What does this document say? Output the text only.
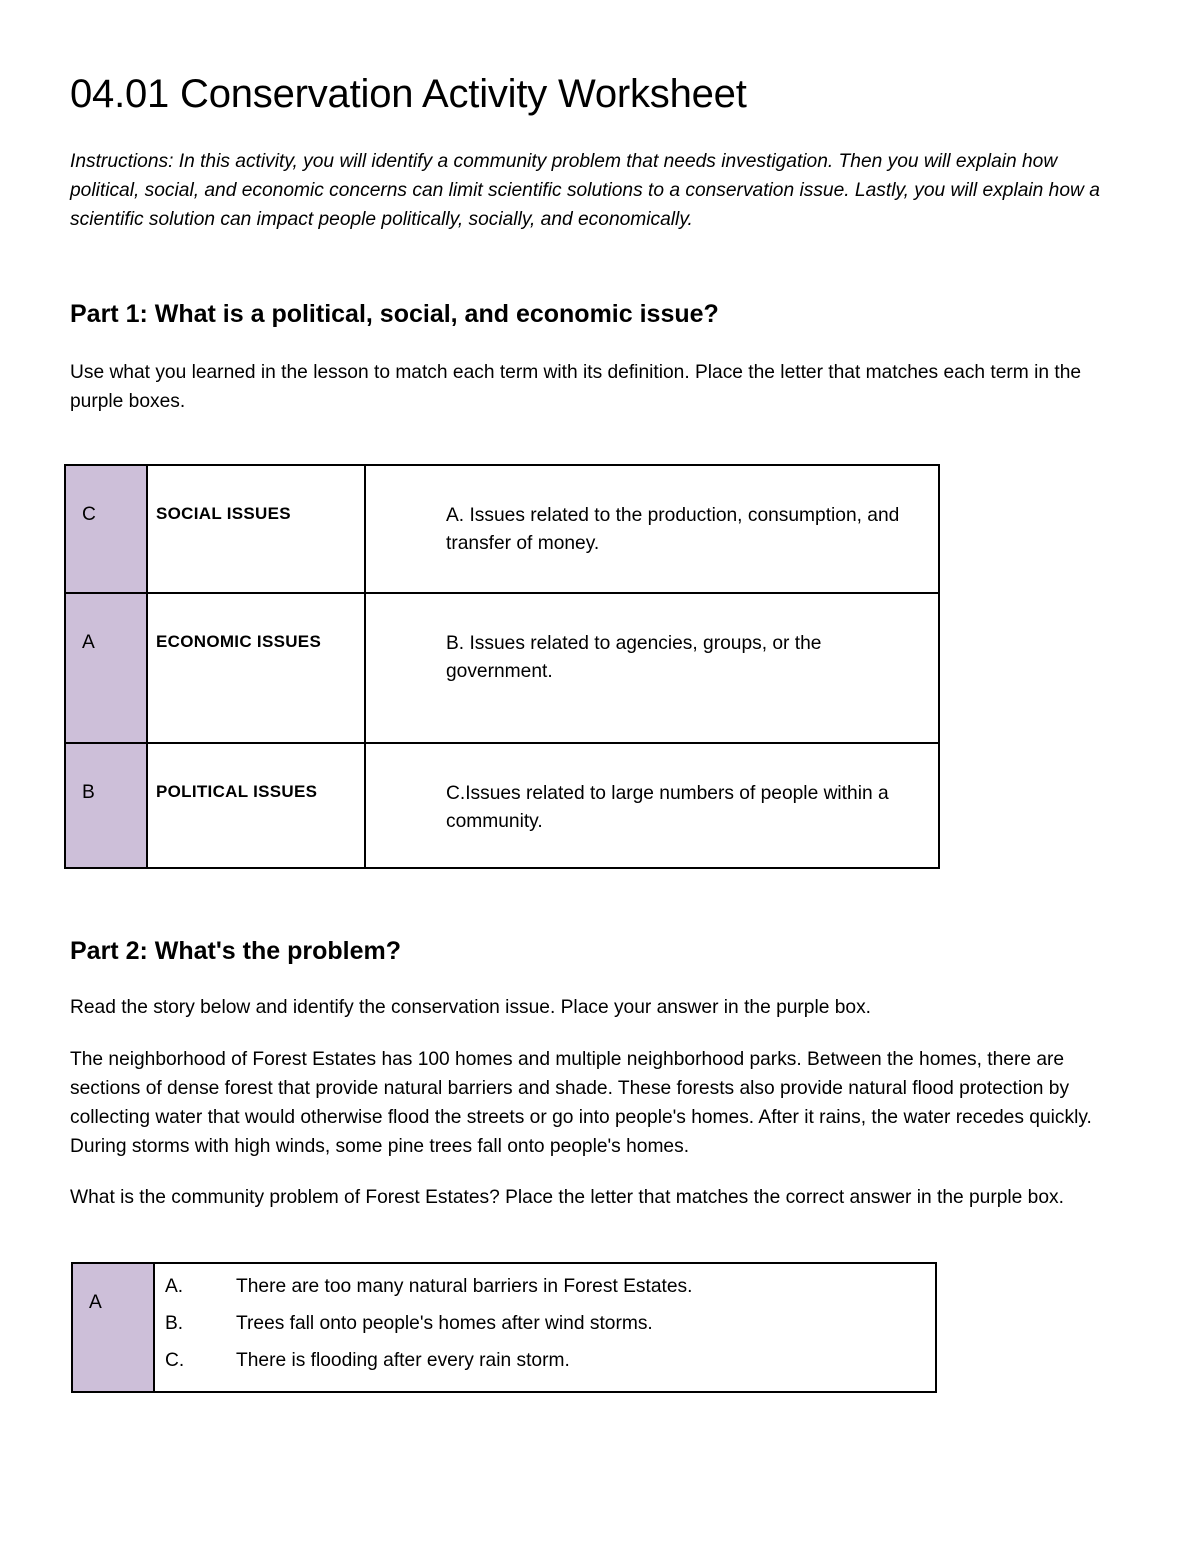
04.01 Conservation Activity Worksheet

Instructions: In this activity, you will identify a community problem that needs investigation. Then you will explain how political, social, and economic concerns can limit scientific solutions to a conservation issue. Lastly, you will explain how a scientific solution can impact people politically, socially, and economically.

Part 1: What is a political, social, and economic issue?

Use what you learned in the lesson to match each term with its definition. Place the letter that matches each term in the purple boxes.

C	SOCIAL ISSUES	A. Issues related to the production, consumption, and transfer of money.
A	ECONOMIC ISSUES	B. Issues related to agencies, groups, or the government.
B	POLITICAL ISSUES	C.Issues related to large numbers of people within a community.
Part 2: What's the problem?

Read the story below and identify the conservation issue. Place your answer in the purple box.

The neighborhood of Forest Estates has 100 homes and multiple neighborhood parks. Between the homes, there are sections of dense forest that provide natural barriers and shade. These forests also provide natural flood protection by collecting water that would otherwise flood the streets or go into people's homes. After it rains, the water recedes quickly. During storms with high winds, some pine trees fall onto people's homes.

What is the community problem of Forest Estates? Place the letter that matches the correct answer in the purple box.

A	
A.	There are too many natural barriers in Forest Estates.
B.	Trees fall onto people's homes after wind storms.
C.	There is flooding after every rain storm.
